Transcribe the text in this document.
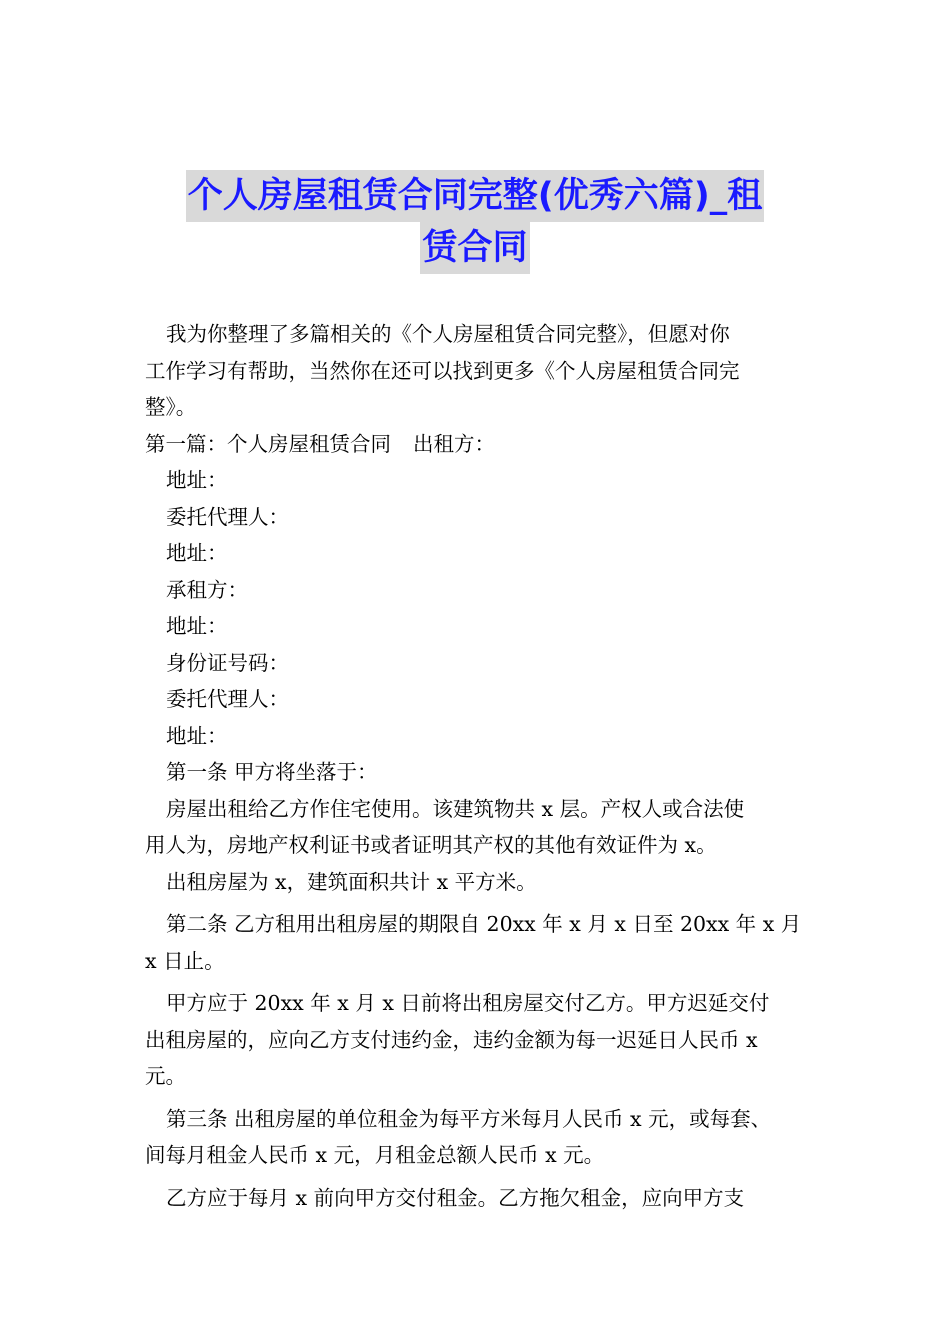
个人房屋租赁合同完整(优秀六篇)_租
赁合同

我为你整理了多篇相关的《个人房屋租赁合同完整》，但愿对你

工作学习有帮助，当然你在还可以找到更多《个人房屋租赁合同完

整》。

第一篇：个人房屋租赁合同 出租方：

地址：

委托代理人：

地址：

承租方：

地址：

身份证号码：

委托代理人：

地址：

第一条 甲方将坐落于：

房屋出租给乙方作住宅使用。该建筑物共 x 层。产权人或合法使

用人为，房地产权利证书或者证明其产权的其他有效证件为 x。

出租房屋为 x，建筑面积共计 x 平方米。

第二条 乙方租用出租房屋的期限自 20xx 年 x 月 x 日至 20xx 年 x 月

x 日止。

甲方应于 20xx 年 x 月 x 日前将出租房屋交付乙方。甲方迟延交付

出租房屋的，应向乙方支付违约金，违约金额为每一迟延日人民币 x

元。

第三条 出租房屋的单位租金为每平方米每月人民币 x 元，或每套、

间每月租金人民币 x 元，月租金总额人民币 x 元。

乙方应于每月 x 前向甲方交付租金。乙方拖欠租金，应向甲方支
